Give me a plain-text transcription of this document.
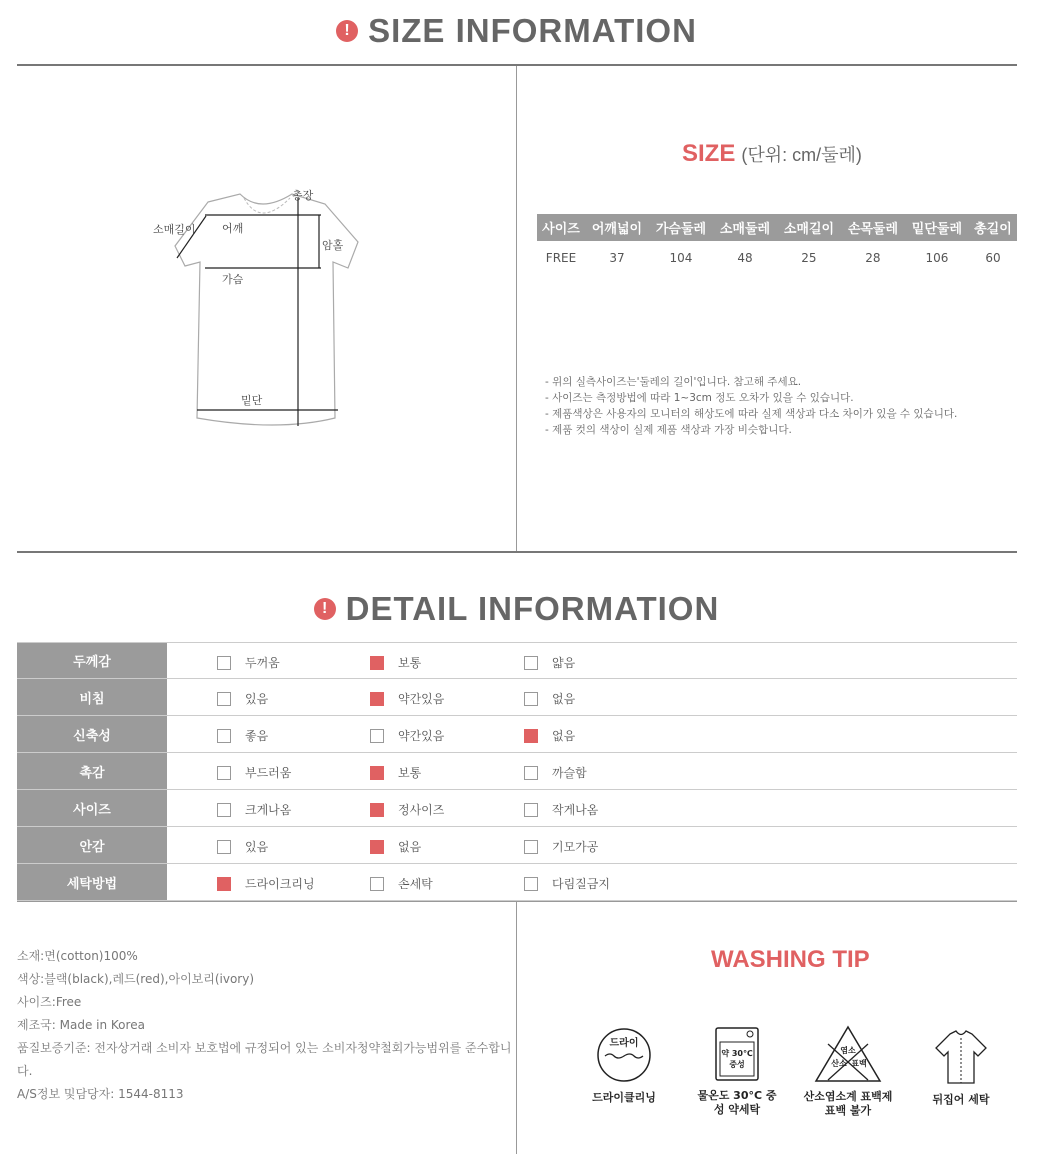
! SIZE INFORMATION
총장
소매길이 어깨
암홀
가슴
밑단
SIZE (단위: cm/둘레)
사이즈	어깨넓이	가슴둘레	소매둘레	소매길이	손목둘레	밑단둘레	총길이
FREE	37	104	48	25	28	106	60
- 위의 실측사이즈는'둘레의 길이'입니다. 참고해 주세요.
- 사이즈는 측정방법에 따라 1~3cm 정도 오차가 있을 수 있습니다.
- 제품색상은 사용자의 모니터의 해상도에 따라 실제 색상과 다소 차이가 있을 수 있습니다.
- 제품 컷의 색상이 실제 제품 색상과 가장 비슷합니다.
! DETAIL INFORMATION
두께감	두꺼움	보통	얇음
비침	있음	약간있음	없음
신축성	좋음	약간있음	없음
촉감	부드러움	보통	까슬함
사이즈	크게나옴	정사이즈	작게나옴
안감	있음	없음	기모가공
세탁방법	드라이크리닝	손세탁	다림질금지
소재:면(cotton)100%
색상:블랙(black),레드(red),아이보리(ivory)
사이즈:Free
제조국: Made in Korea
품질보증기준: 전자상거래 소비자 보호법에 규정되어 있는 소비자청약철회가능범위를 준수합니다.
A/S정보 및담당자: 1544-8113
WASHING TIP
드라이
드라이클리닝
약 30℃
중성
물온도 30°C 중성 약세탁
염소
산소 표백
산소염소계 표백제 표백 불가
뒤집어 세탁
